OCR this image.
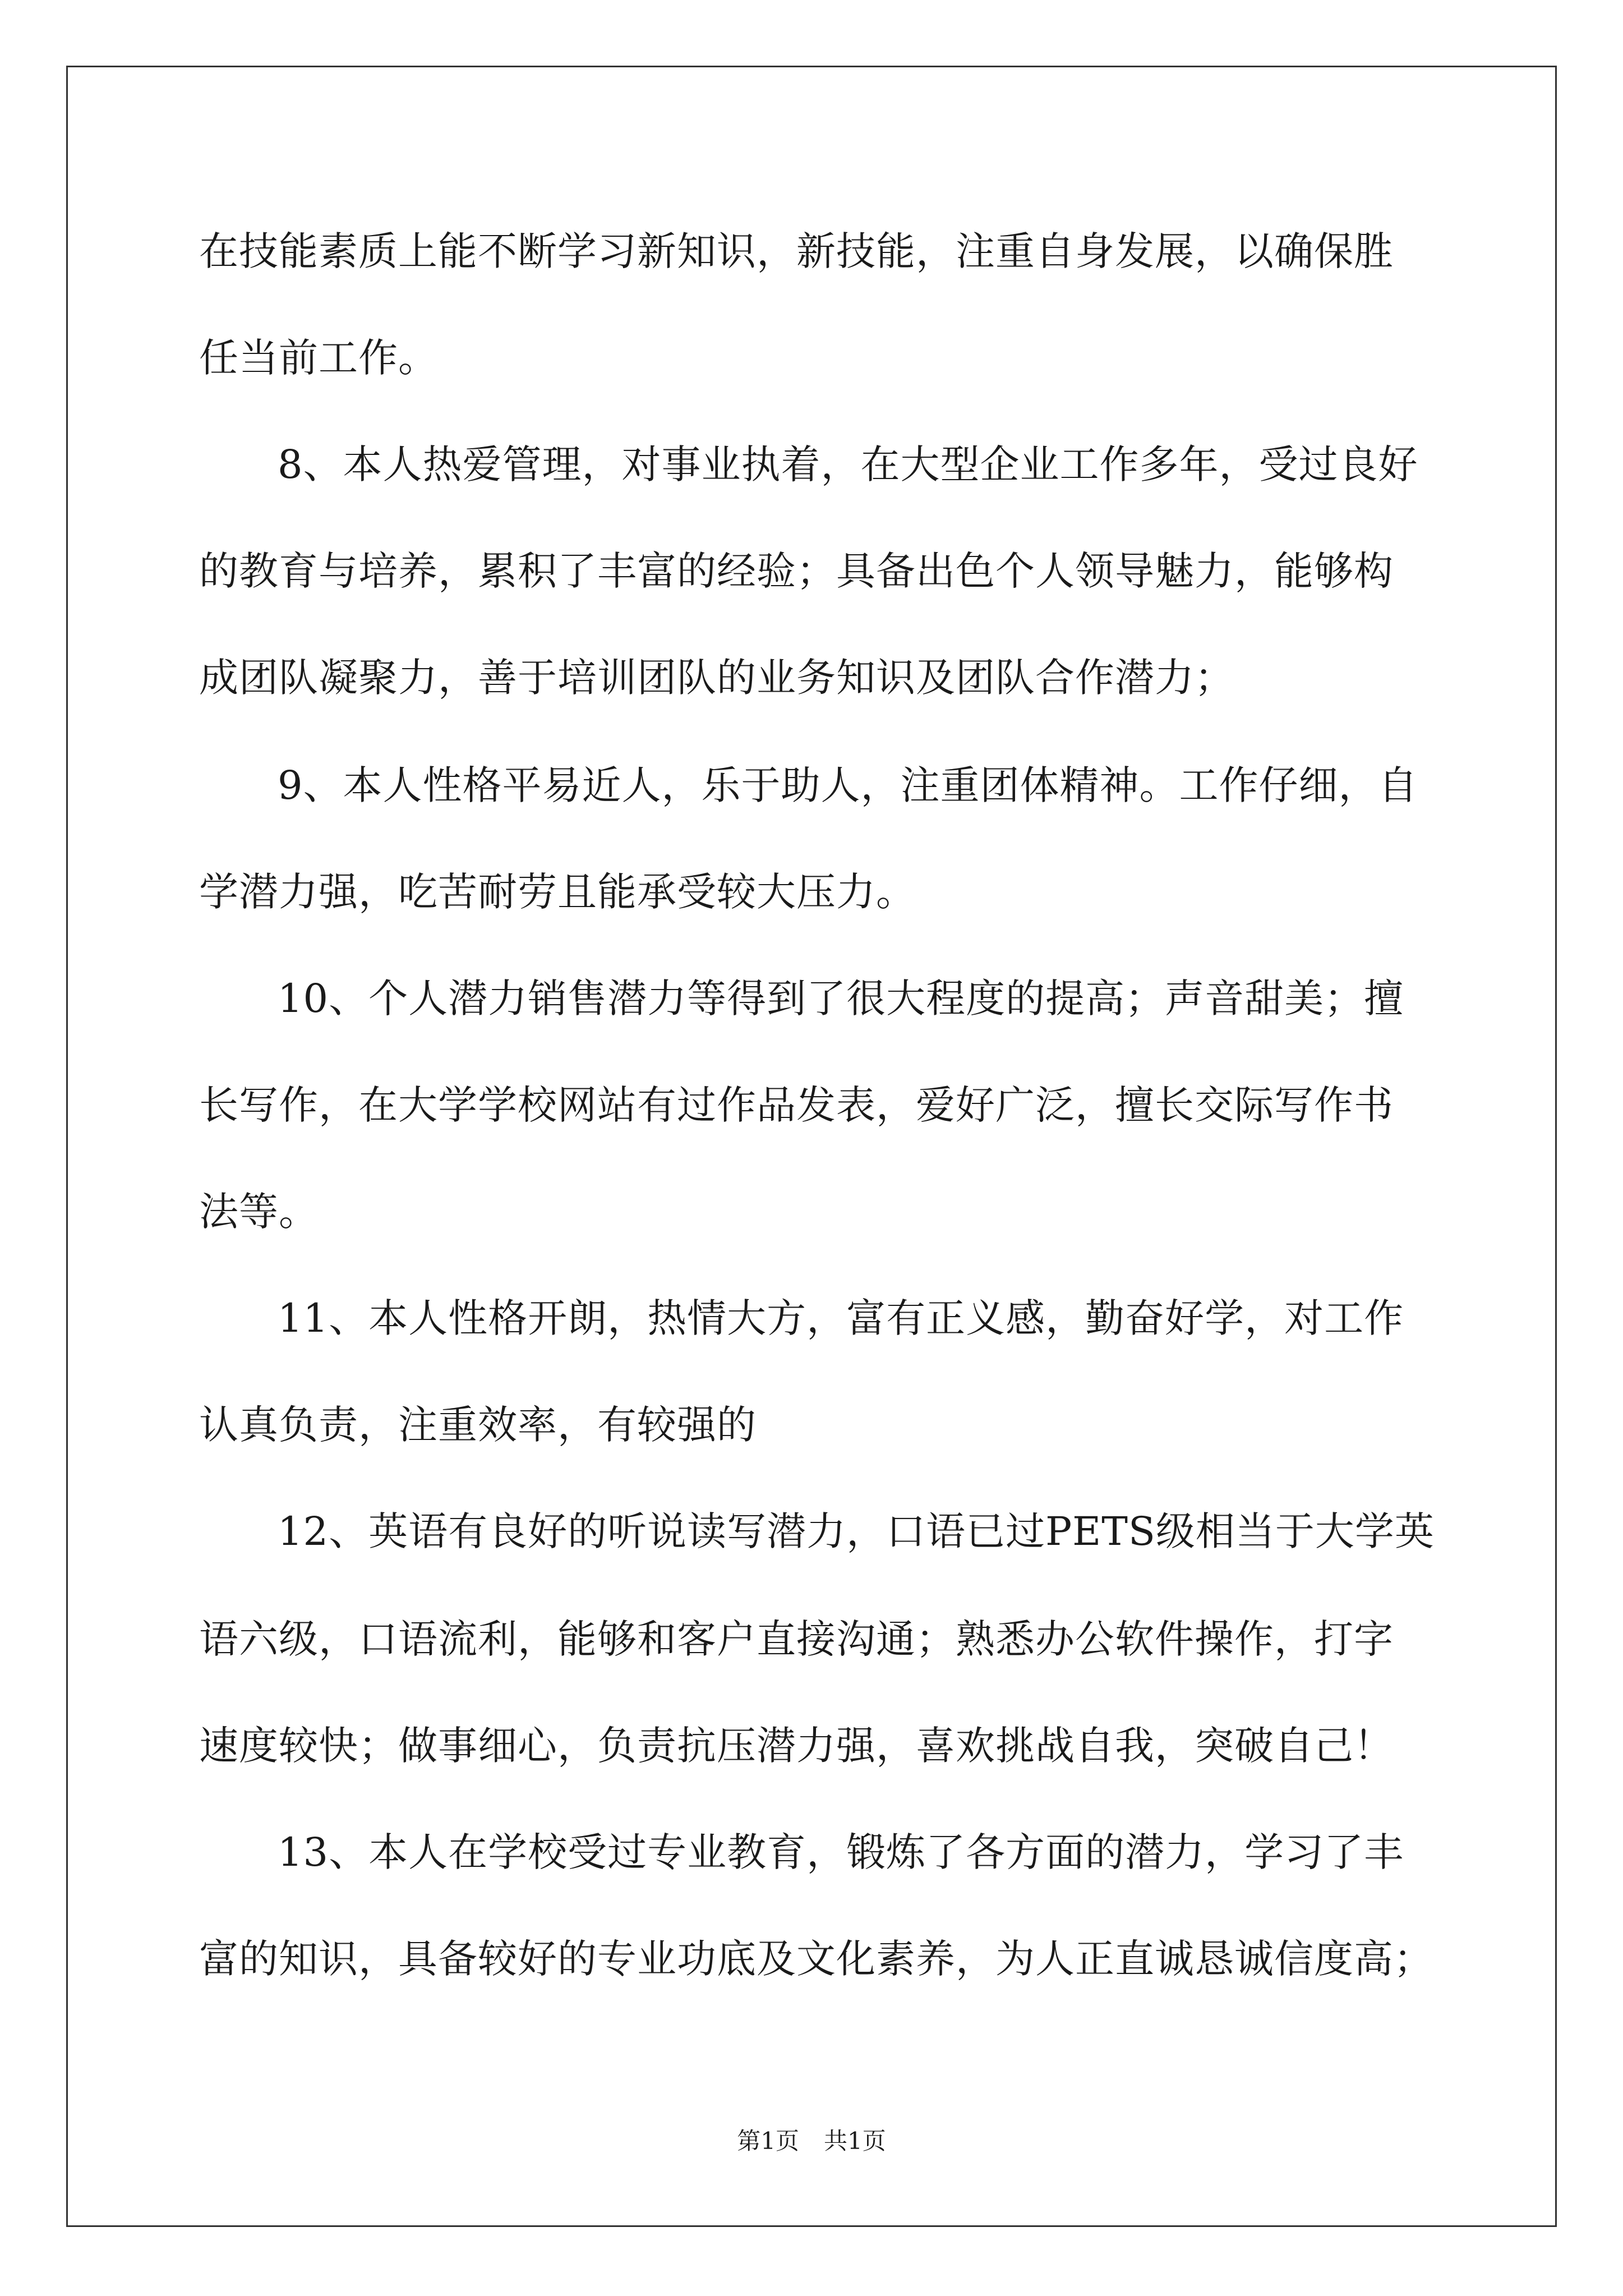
在技能素质上能不断学习新知识，新技能，注重自身发展，以确保胜
任当前工作。
8、本人热爱管理，对事业执着，在大型企业工作多年，受过良好
的教育与培养，累积了丰富的经验；具备出色个人领导魅力，能够构
成团队凝聚力，善于培训团队的业务知识及团队合作潜力；
9、本人性格平易近人，乐于助人，注重团体精神。工作仔细，自
学潜力强，吃苦耐劳且能承受较大压力。
10、个人潜力销售潜力等得到了很大程度的提高；声音甜美；擅
长写作，在大学学校网站有过作品发表，爱好广泛，擅长交际写作书
法等。
11、本人性格开朗，热情大方，富有正义感，勤奋好学，对工作
认真负责，注重效率，有较强的
12、英语有良好的听说读写潜力，口语已过PETS级相当于大学英
语六级，口语流利，能够和客户直接沟通；熟悉办公软件操作，打字
速度较快；做事细心，负责抗压潜力强，喜欢挑战自我，突破自己！
13、本人在学校受过专业教育，锻炼了各方面的潜力，学习了丰
富的知识，具备较好的专业功底及文化素养，为人正直诚恳诚信度高；
第1页 共1页
